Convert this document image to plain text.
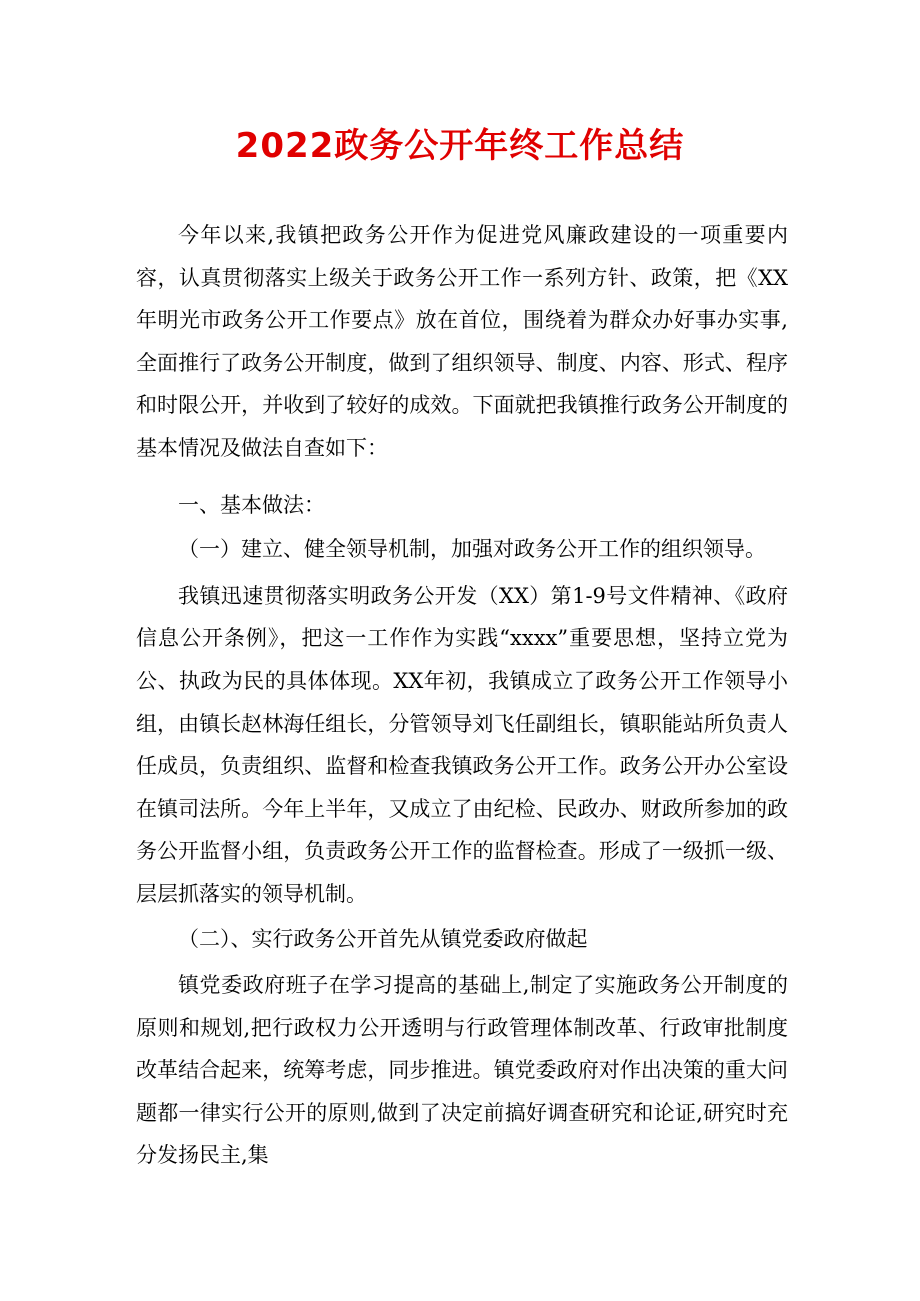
2022政务公开年终工作总结

今年以来,我镇把政务公开作为促进党风廉政建设的一项重要内容，认真贯彻落实上级关于政务公开工作一系列方针、政策，把《XX年明光市政务公开工作要点》放在首位，围绕着为群众办好事办实事,全面推行了政务公开制度，做到了组织领导、制度、内容、形式、程序和时限公开，并收到了较好的成效。下面就把我镇推行政务公开制度的基本情况及做法自查如下：

一、基本做法：

（一）建立、健全领导机制，加强对政务公开工作的组织领导。

我镇迅速贯彻落实明政务公开发（XX）第1-9号文件精神、《政府信息公开条例》，把这一工作作为实践“xxxx”重要思想，坚持立党为公、执政为民的具体体现。XX年初，我镇成立了政务公开工作领导小组，由镇长赵林海任组长，分管领导刘飞任副组长，镇职能站所负责人任成员，负责组织、监督和检查我镇政务公开工作。政务公开办公室设在镇司法所。今年上半年，又成立了由纪检、民政办、财政所参加的政务公开监督小组，负责政务公开工作的监督检查。形成了一级抓一级、层层抓落实的领导机制。

（二）、实行政务公开首先从镇党委政府做起

镇党委政府班子在学习提高的基础上,制定了实施政务公开制度的原则和规划,把行政权力公开透明与行政管理体制改革、行政审批制度改革结合起来，统筹考虑，同步推进。镇党委政府对作出决策的重大问题都一律实行公开的原则,做到了决定前搞好调查研究和论证,研究时充分发扬民主,集
